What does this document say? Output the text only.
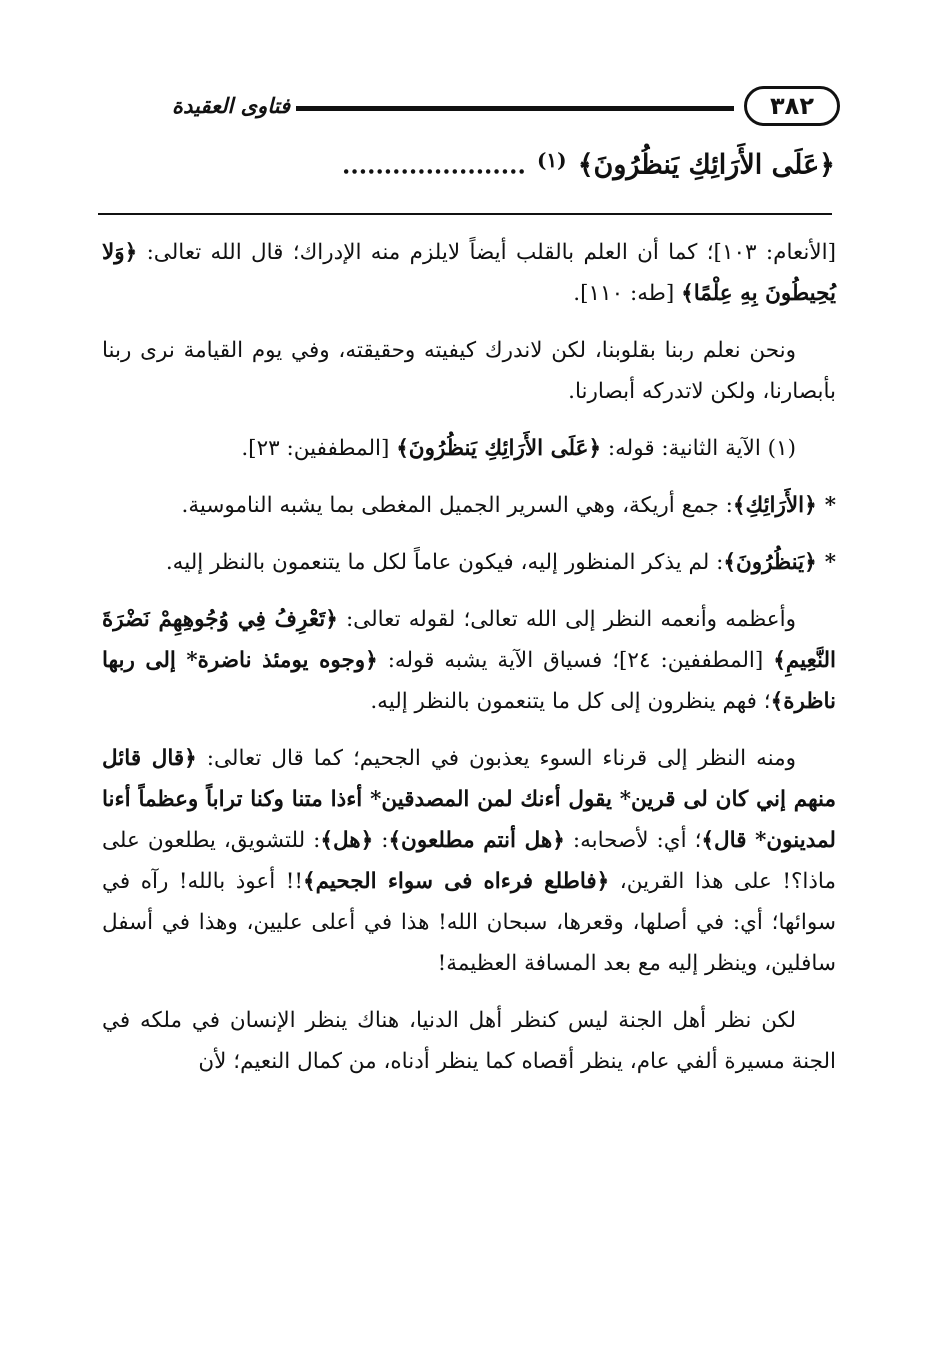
فتاوى العقيدة	٣٨٢
﴿عَلَى الأَرَائِكِ يَنظُرُونَ﴾ (١) ......................

[الأنعام: ١٠٣]؛ كما أن العلم بالقلب أيضاً لايلزم منه الإدراك؛ قال الله تعالى: ﴿وَلا يُحِيطُونَ بِهِ عِلْمًا﴾ [طه: ١١٠].

ونحن نعلم ربنا بقلوبنا، لكن لاندرك كيفيته وحقيقته، وفي يوم القيامة نرى ربنا بأبصارنا، ولكن لاتدركه أبصارنا.

(١) الآية الثانية: قوله: ﴿عَلَى الأَرَائِكِ يَنظُرُونَ﴾ [المطففين: ٢٣].

*﴿الأَرَائِكِ﴾: جمع أريكة، وهي السرير الجميل المغطى بما يشبه الناموسية.

*﴿يَنظُرُونَ﴾: لم يذكر المنظور إليه، فيكون عاماً لكل ما يتنعمون بالنظر إليه.

وأعظمه وأنعمه النظر إلى الله تعالى؛ لقوله تعالى: ﴿تَعْرِفُ فِي وُجُوهِهِمْ نَضْرَةَ النَّعِيمِ﴾ [المطففين: ٢٤]؛ فسياق الآية يشبه قوله: ﴿وجوه يومئذ ناضرة* إلى ربها ناظرة﴾؛ فهم ينظرون إلى كل ما يتنعمون بالنظر إليه.

ومنه النظر إلى قرناء السوء يعذبون في الجحيم؛ كما قال تعالى: ﴿قال قائل منهم إني كان لى قرين* يقول أءنك لمن المصدقين* أءذا متنا وكنا تراباً وعظماً أءنا لمدينون* قال﴾؛ أي: لأصحابه: ﴿هل أنتم مطلعون﴾: ﴿هل﴾: للتشويق، يطلعون على ماذا؟! على هذا القرين، ﴿فاطلع فرءاه فى سواء الجحيم﴾!! أعوذ بالله! رآه في سوائها؛ أي: في أصلها، وقعرها، سبحان الله! هذا في أعلى عليين، وهذا في أسفل سافلين، وينظر إليه مع بعد المسافة العظيمة!

لكن نظر أهل الجنة ليس كنظر أهل الدنيا، هناك ينظر الإنسان في ملكه في الجنة مسيرة ألفي عام، ينظر أقصاه كما ينظر أدناه، من كمال النعيم؛ لأن
